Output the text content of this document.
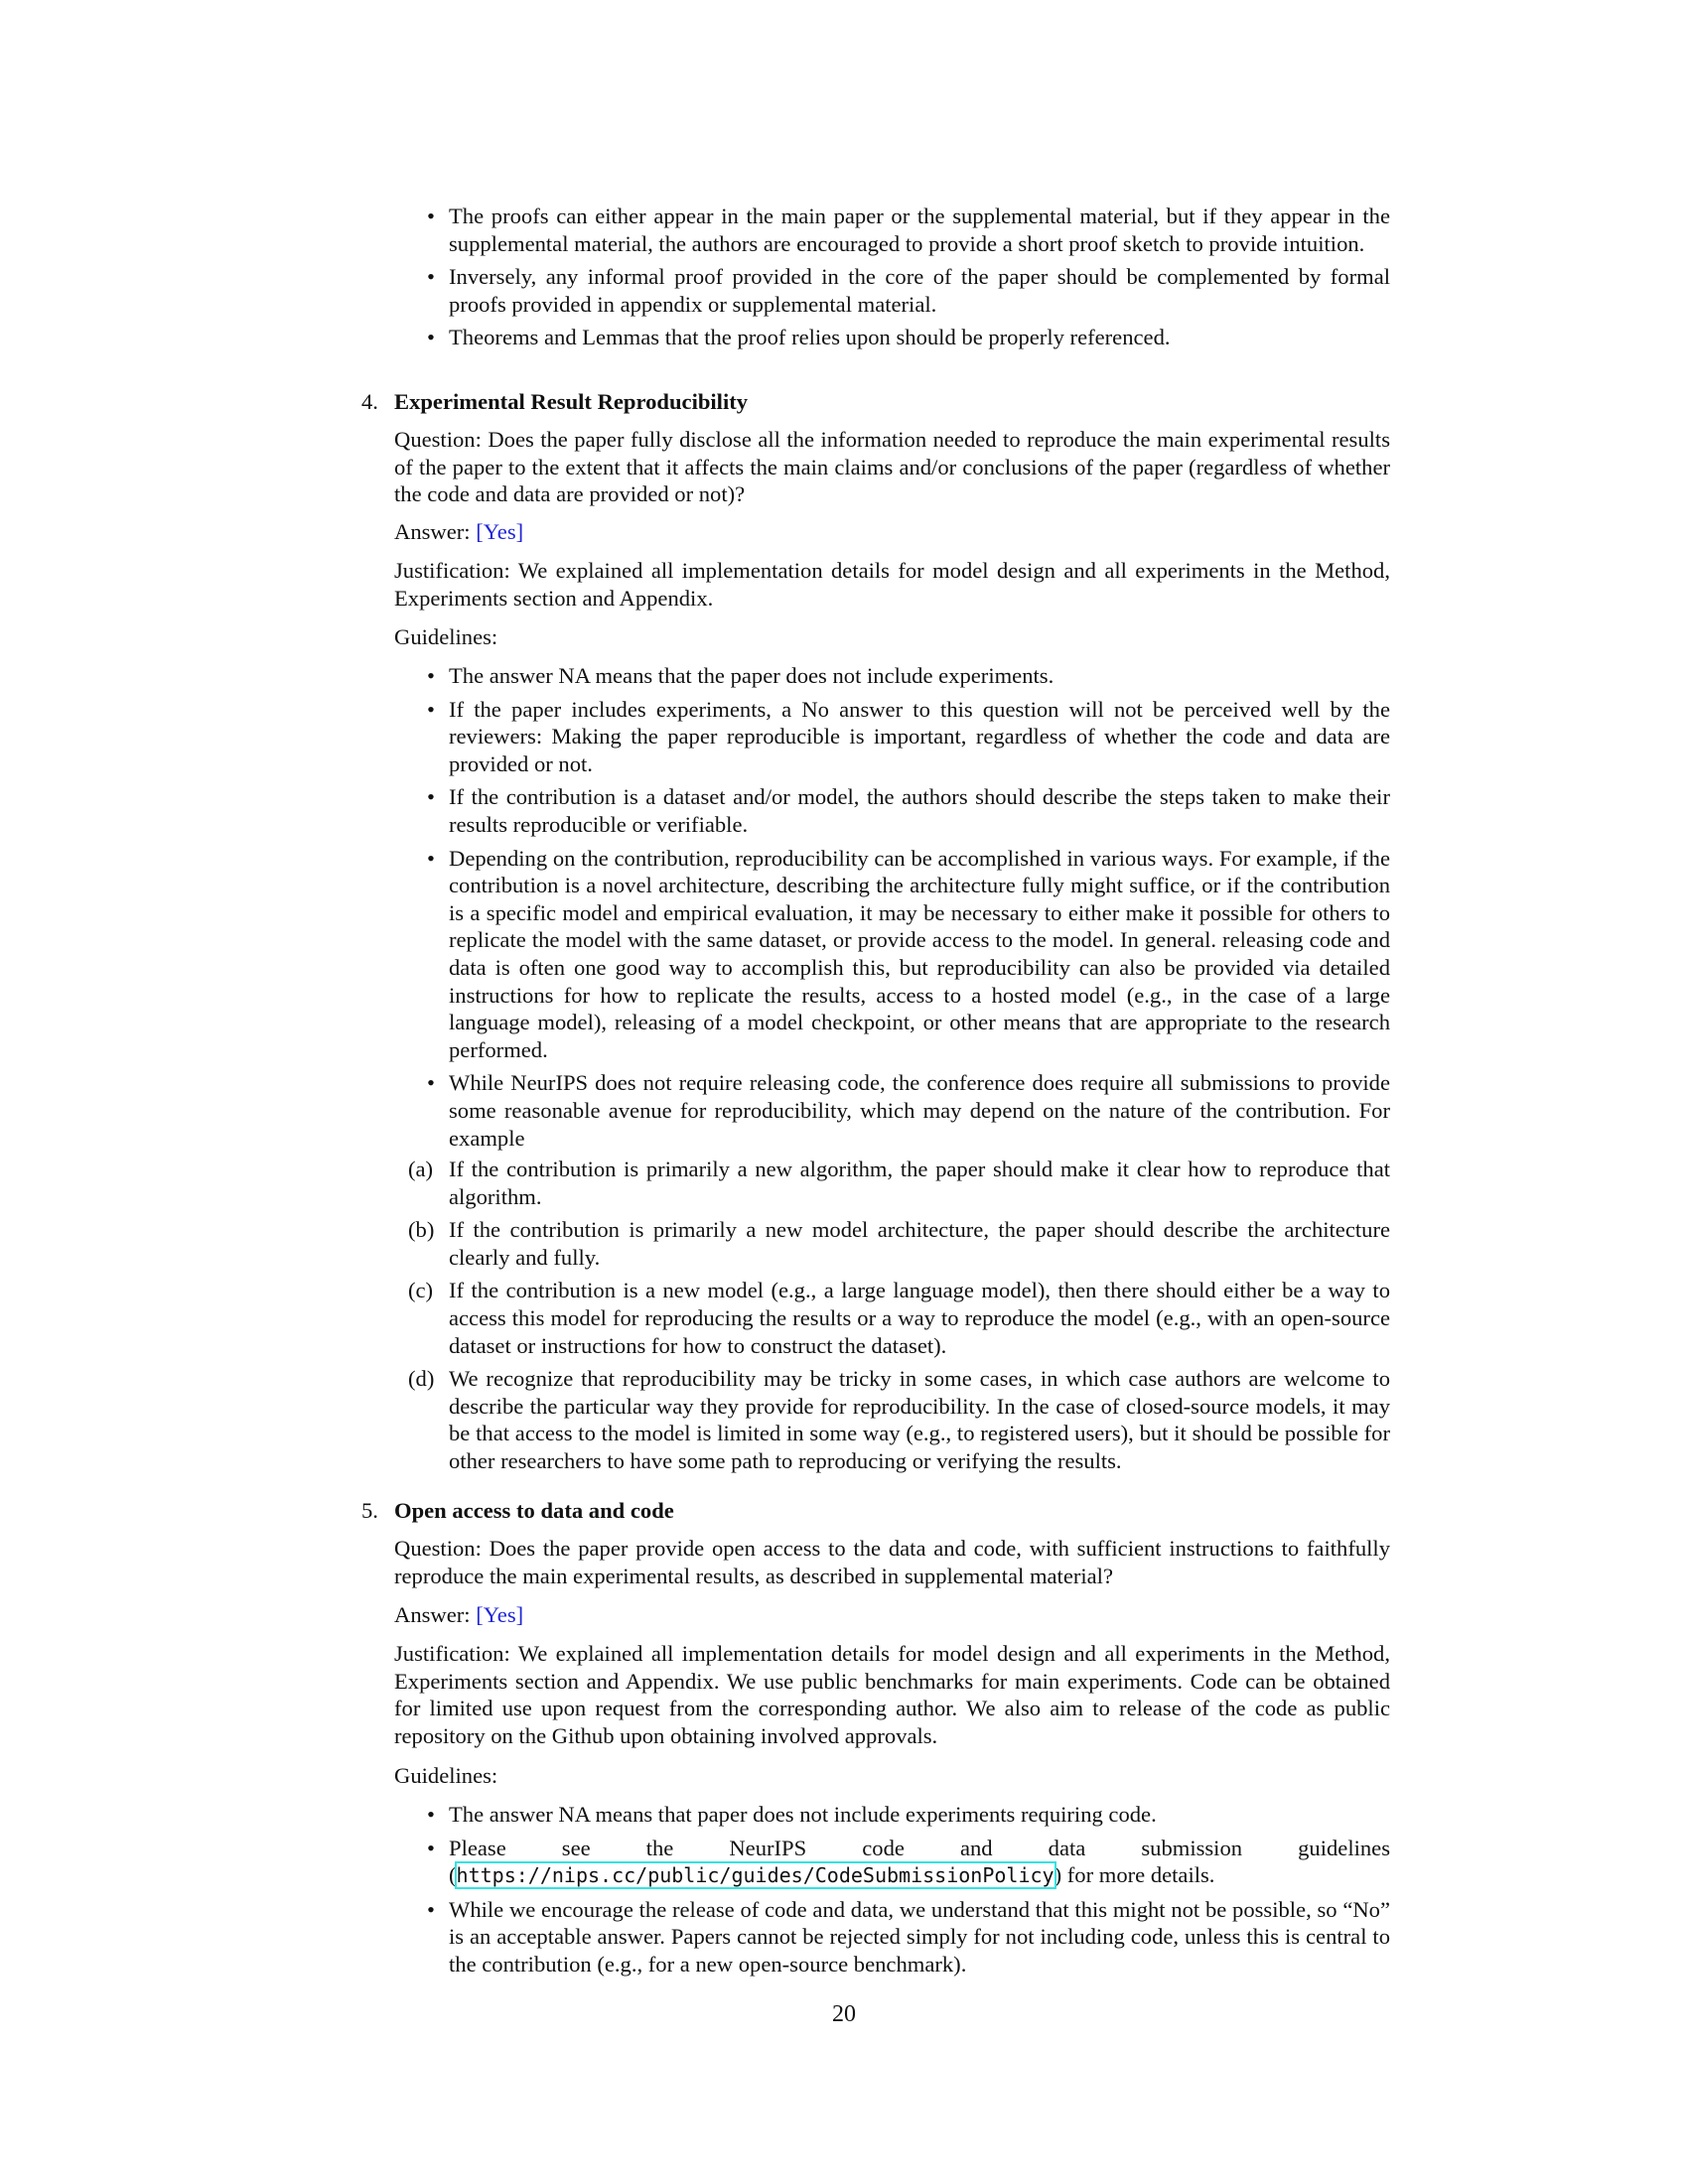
• The proofs can either appear in the main paper or the supplemental material, but if they appear in the supplemental material, the authors are encouraged to provide a short proof sketch to provide intuition.
• Inversely, any informal proof provided in the core of the paper should be complemented by formal proofs provided in appendix or supplemental material.
• Theorems and Lemmas that the proof relies upon should be properly referenced.
4. Experimental Result Reproducibility

Question: Does the paper fully disclose all the information needed to reproduce the main experimental results of the paper to the extent that it affects the main claims and/or conclusions of the paper (regardless of whether the code and data are provided or not)?

Answer: [Yes]

Justification: We explained all implementation details for model design and all experiments in the Method, Experiments section and Appendix.

Guidelines:
• The answer NA means that the paper does not include experiments.
• If the paper includes experiments, a No answer to this question will not be perceived well by the reviewers: Making the paper reproducible is important, regardless of whether the code and data are provided or not.
• If the contribution is a dataset and/or model, the authors should describe the steps taken to make their results reproducible or verifiable.
• Depending on the contribution, reproducibility can be accomplished in various ways. For example, if the contribution is a novel architecture, describing the architecture fully might suffice, or if the contribution is a specific model and empirical evaluation, it may be necessary to either make it possible for others to replicate the model with the same dataset, or provide access to the model. In general. releasing code and data is often one good way to accomplish this, but reproducibility can also be provided via detailed instructions for how to replicate the results, access to a hosted model (e.g., in the case of a large language model), releasing of a model checkpoint, or other means that are appropriate to the research performed.
• While NeurIPS does not require releasing code, the conference does require all submissions to provide some reasonable avenue for reproducibility, which may depend on the nature of the contribution. For example
(a) If the contribution is primarily a new algorithm, the paper should make it clear how to reproduce that algorithm.
(b) If the contribution is primarily a new model architecture, the paper should describe the architecture clearly and fully.
(c) If the contribution is a new model (e.g., a large language model), then there should either be a way to access this model for reproducing the results or a way to reproduce the model (e.g., with an open-source dataset or instructions for how to construct the dataset).
(d) We recognize that reproducibility may be tricky in some cases, in which case authors are welcome to describe the particular way they provide for reproducibility. In the case of closed-source models, it may be that access to the model is limited in some way (e.g., to registered users), but it should be possible for other researchers to have some path to reproducing or verifying the results.
5. Open access to data and code

Question: Does the paper provide open access to the data and code, with sufficient instructions to faithfully reproduce the main experimental results, as described in supplemental material?

Answer: [Yes]

Justification: We explained all implementation details for model design and all experiments in the Method, Experiments section and Appendix. We use public benchmarks for main experiments. Code can be obtained for limited use upon request from the corresponding author. We also aim to release of the code as public repository on the Github upon obtaining involved approvals.

Guidelines:
• The answer NA means that paper does not include experiments requiring code.
• Please see the NeurIPS code and data submission guidelines (https://nips.cc/public/guides/CodeSubmissionPolicy) for more details.
• While we encourage the release of code and data, we understand that this might not be possible, so “No” is an acceptable answer. Papers cannot be rejected simply for not including code, unless this is central to the contribution (e.g., for a new open-source benchmark).
20
